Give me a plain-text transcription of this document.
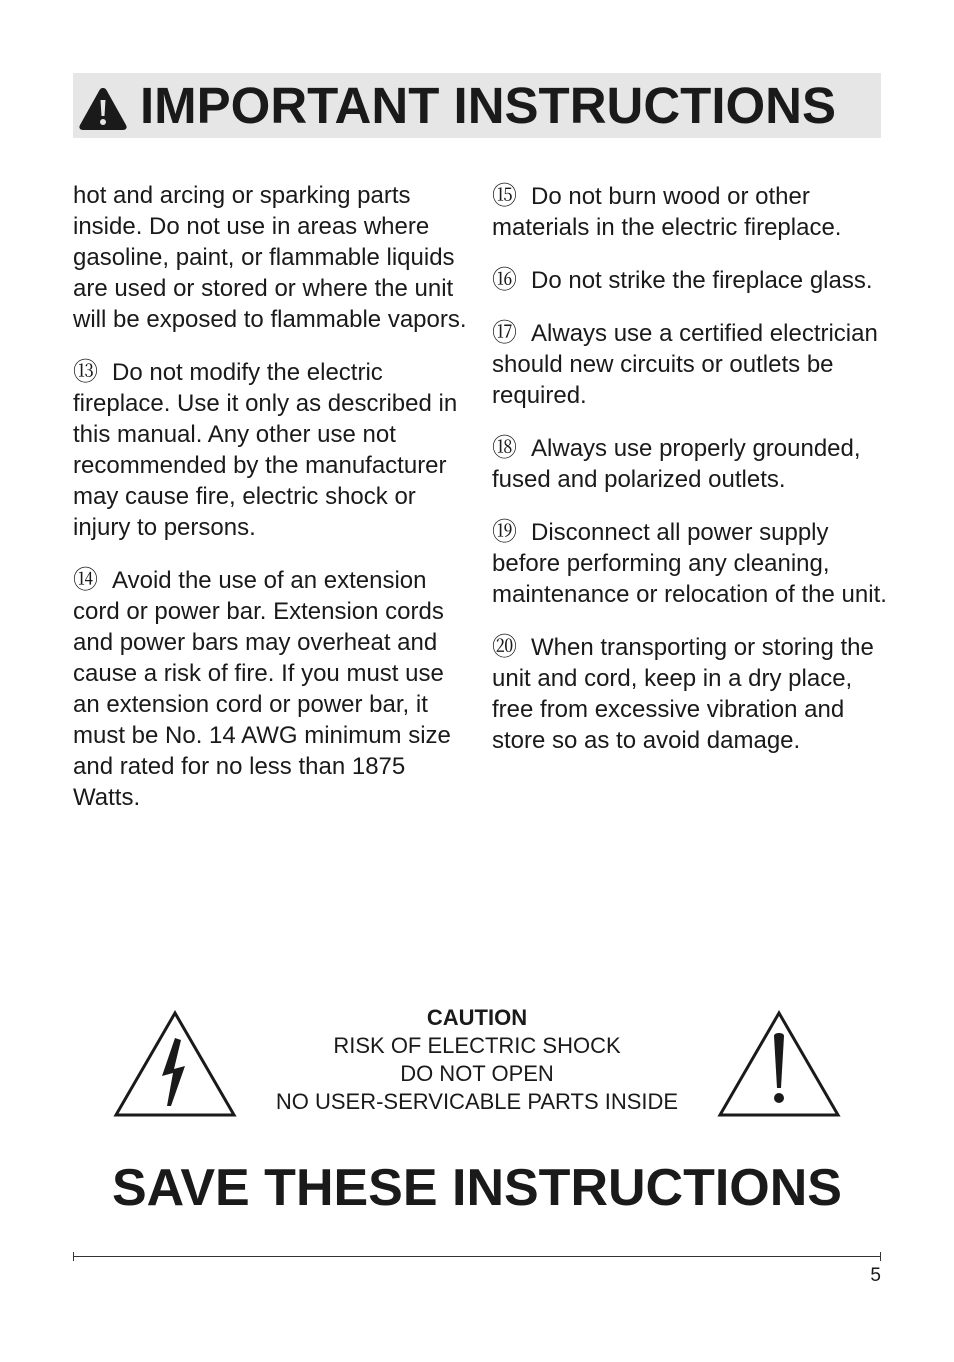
IMPORTANT INSTRUCTIONS

hot and arcing or sparking parts inside. Do not use in areas where gasoline, paint, or flammable liquids are used or stored or where the unit will be exposed to flammable vapors.

⑬ Do not modify the electric fireplace. Use it only as described in this manual. Any other use not recommended by the manufacturer may cause fire, electric shock or injury to persons.

⑭ Avoid the use of an extension cord or power bar. Extension cords and power bars may overheat and cause a risk of fire. If you must use an extension cord or power bar, it must be No. 14 AWG minimum size and rated for no less than 1875 Watts.

⑮ Do not burn wood or other materials in the electric fireplace.

⑯ Do not strike the fireplace glass.

⑰ Always use a certified electrician should new circuits or outlets be required.

⑱ Always use properly grounded, fused and polarized outlets.

⑲ Disconnect all power supply before performing any cleaning, maintenance or relocation of the unit.

⑳ When transporting or storing the unit and cord, keep in a dry place, free from excessive vibration and store so as to avoid damage.

CAUTION
RISK OF ELECTRIC SHOCK
DO NOT OPEN
NO USER-SERVICABLE PARTS INSIDE
SAVE THESE INSTRUCTIONS
5
